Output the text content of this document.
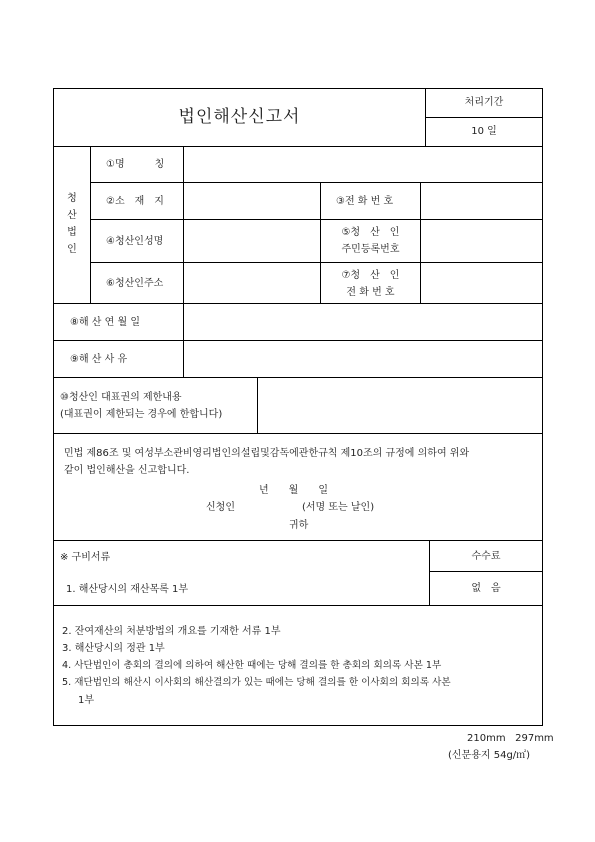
법인해산신고서
처리기간
10 일
청
산
법
인
①명　　　칭
②소　재　지	③전 화 번 호
④청산인성명
⑤청　산　인
주민등록번호
⑥청산인주소
⑦청　산　인
전 화 번 호
⑧해 산 연 월 일
⑨해 산 사 유
⑩청산인 대표권의 제한내용
(대표권이 제한되는 경우에 한합니다)
민법 제86조 및 여성부소관비영리법인의설립및감독에관한규칙 제10조의 규정에 의하여 위와
같이 법인해산을 신고합니다.
년　　월　　일
신청인	(서명 또는 날인)
귀하
※ 구비서류
1. 해산당시의 재산목록 1부
수수료
없　음
2. 잔여재산의 처분방법의 개요를 기재한 서류 1부
3. 해산당시의 정관 1부
4. 사단법인이 총회의 결의에 의하여 해산한 때에는 당해 결의를 한 총회의 회의록 사본 1부
5. 재단법인의 해산시 이사회의 해산결의가 있는 때에는 당해 결의를 한 이사회의 회의록 사본
1부
210mm   297mm
(신문용지 54g/㎡)
